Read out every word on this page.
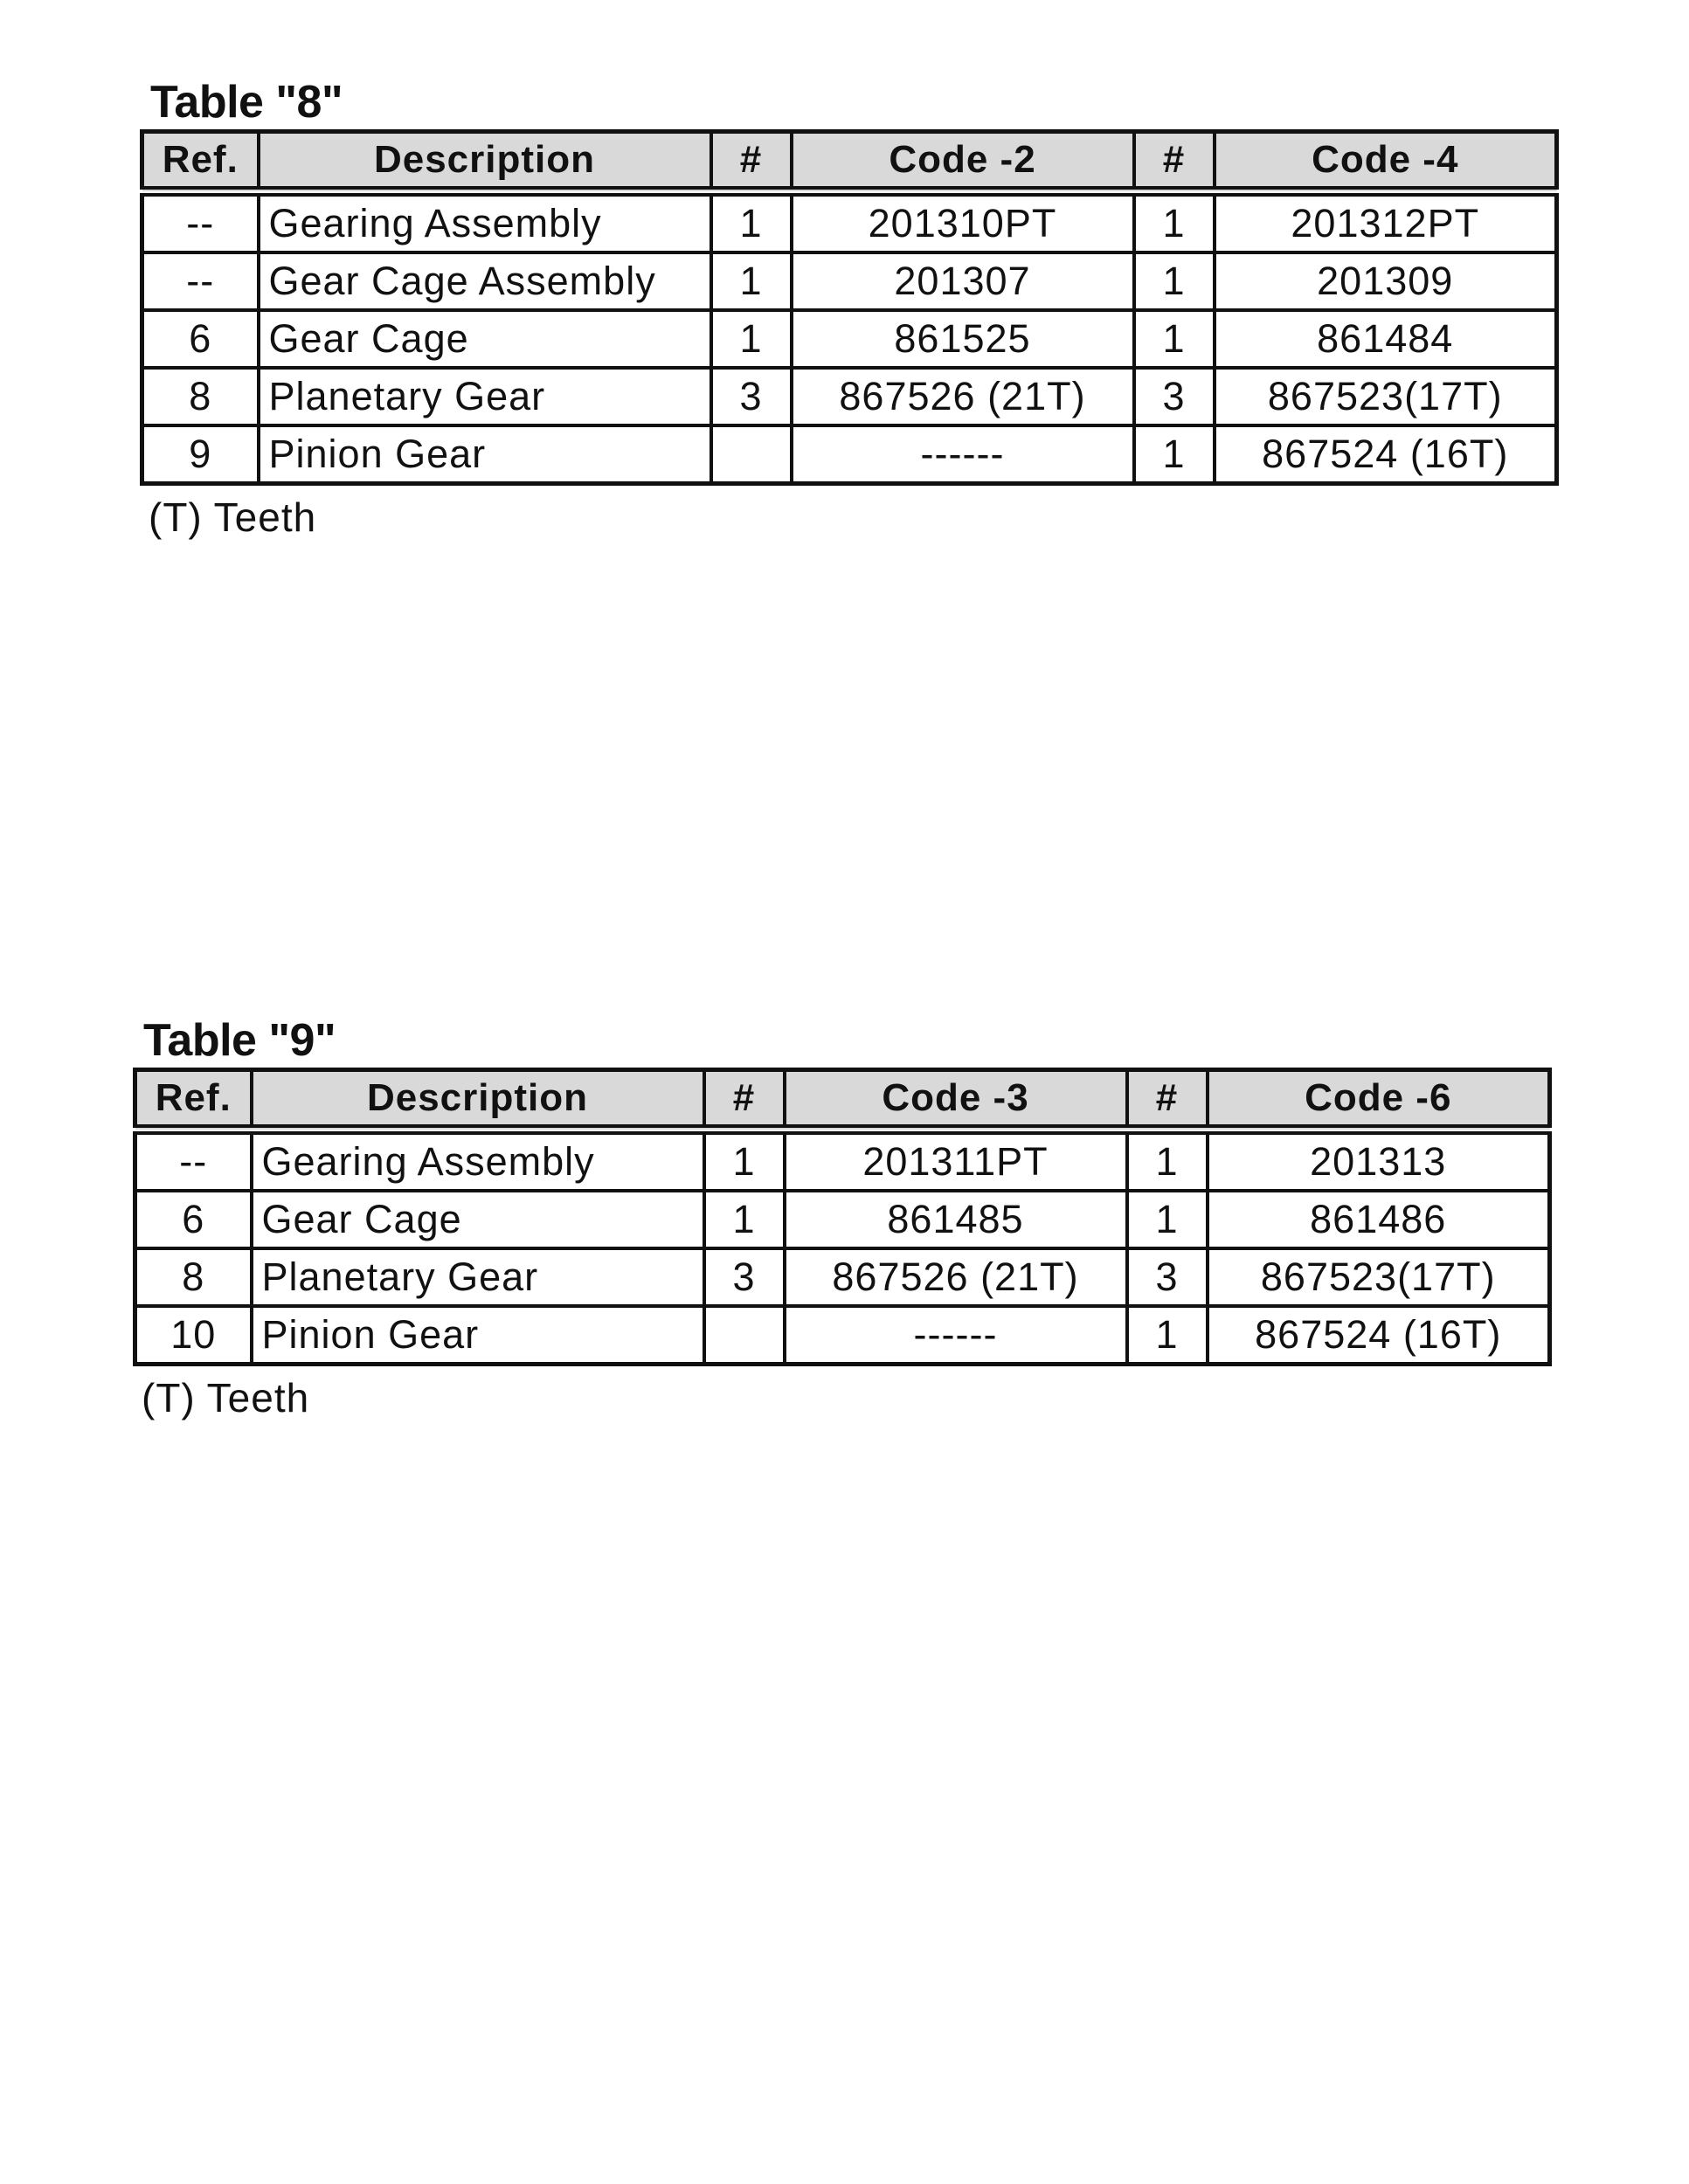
Table "8"
Ref.	Description	#	Code -2	#	Code -4
--	Gearing Assembly	1	201310PT	1	201312PT
--	Gear Cage Assembly	1	201307	1	201309
6	Gear Cage	1	861525	1	861484
8	Planetary Gear	3	867526 (21T)	3	867523(17T)
9	Pinion Gear		------	1	867524 (16T)
(T) Teeth
Table "9"
Ref.	Description	#	Code -3	#	Code -6
--	Gearing Assembly	1	201311PT	1	201313
6	Gear Cage	1	861485	1	861486
8	Planetary Gear	3	867526 (21T)	3	867523(17T)
10	Pinion Gear		------	1	867524 (16T)
(T) Teeth
